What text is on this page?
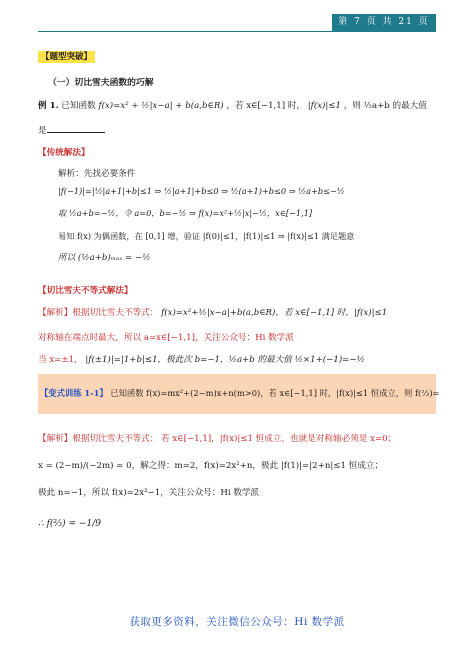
第 7 页 共 21 页
【题型突破】
（一）切比雪夫函数的巧解
例 1. 已知函数 f(x)=x² + ½|x−a| + b(a,b∈R) ，若 x∈[−1,1] 时， |f(x)|≤1 ，则 ½a+b 的最大值
是
【传统解法】
解析：先找必要条件
|f(−1)|=|½|a+1|+b|≤1 ⇒ ½|a+1|+b≤0 ⇒ ½(a+1)+b≤0 ⇒ ½a+b≤−½
取 ½a+b=−½，令 a=0，b=−½ ⇒ f(x)=x²+½|x|−½，x∈[−1,1]
易知 f(x) 为偶函数，在 [0,1] 增，验证 |f(0)|≤1，|f(1)|≤1 ⇒ |f(x)|≤1 满足题意
所以 (½a+b)ₘₐₓ = −½
【切比雪夫不等式解法】
【解析】根据切比雪夫不等式： f(x)=x²+½|x−a|+b(a,b∈R)，若 x∈[−1,1] 时，|f(x)|≤1
对称轴在端点时最大，所以 a=x∈[−1,1]，关注公众号：Hi 数学派
当 x=±1， |f(±1)|=|1+b|≤1，极此次 b=−1，½a+b 的最大值 ½×1+(−1)=−½
【变式训练 1-1】 已知函数 f(x)=mx²+(2−m)x+n(m>0)，若 x∈[−1,1] 时，|f(x)|≤1 恒成立，则 f(⅔)=
【解析】根据切比雪夫不等式： 若 x∈[−1,1]，|f(x)|≤1 恒成立，也就是对称轴必须是 x=0；
x = (2−m)/(−2m) = 0，解之得：m=2，f(x)=2x²+n，极此 |f(1)|=|2+n|≤1 恒成立；
极此 n=−1，所以 f(x)=2x²−1，关注公众号：Hi 数学派
∴ f(⅔) = −1/9
获取更多资料，关注微信公众号：Hi 数学派
